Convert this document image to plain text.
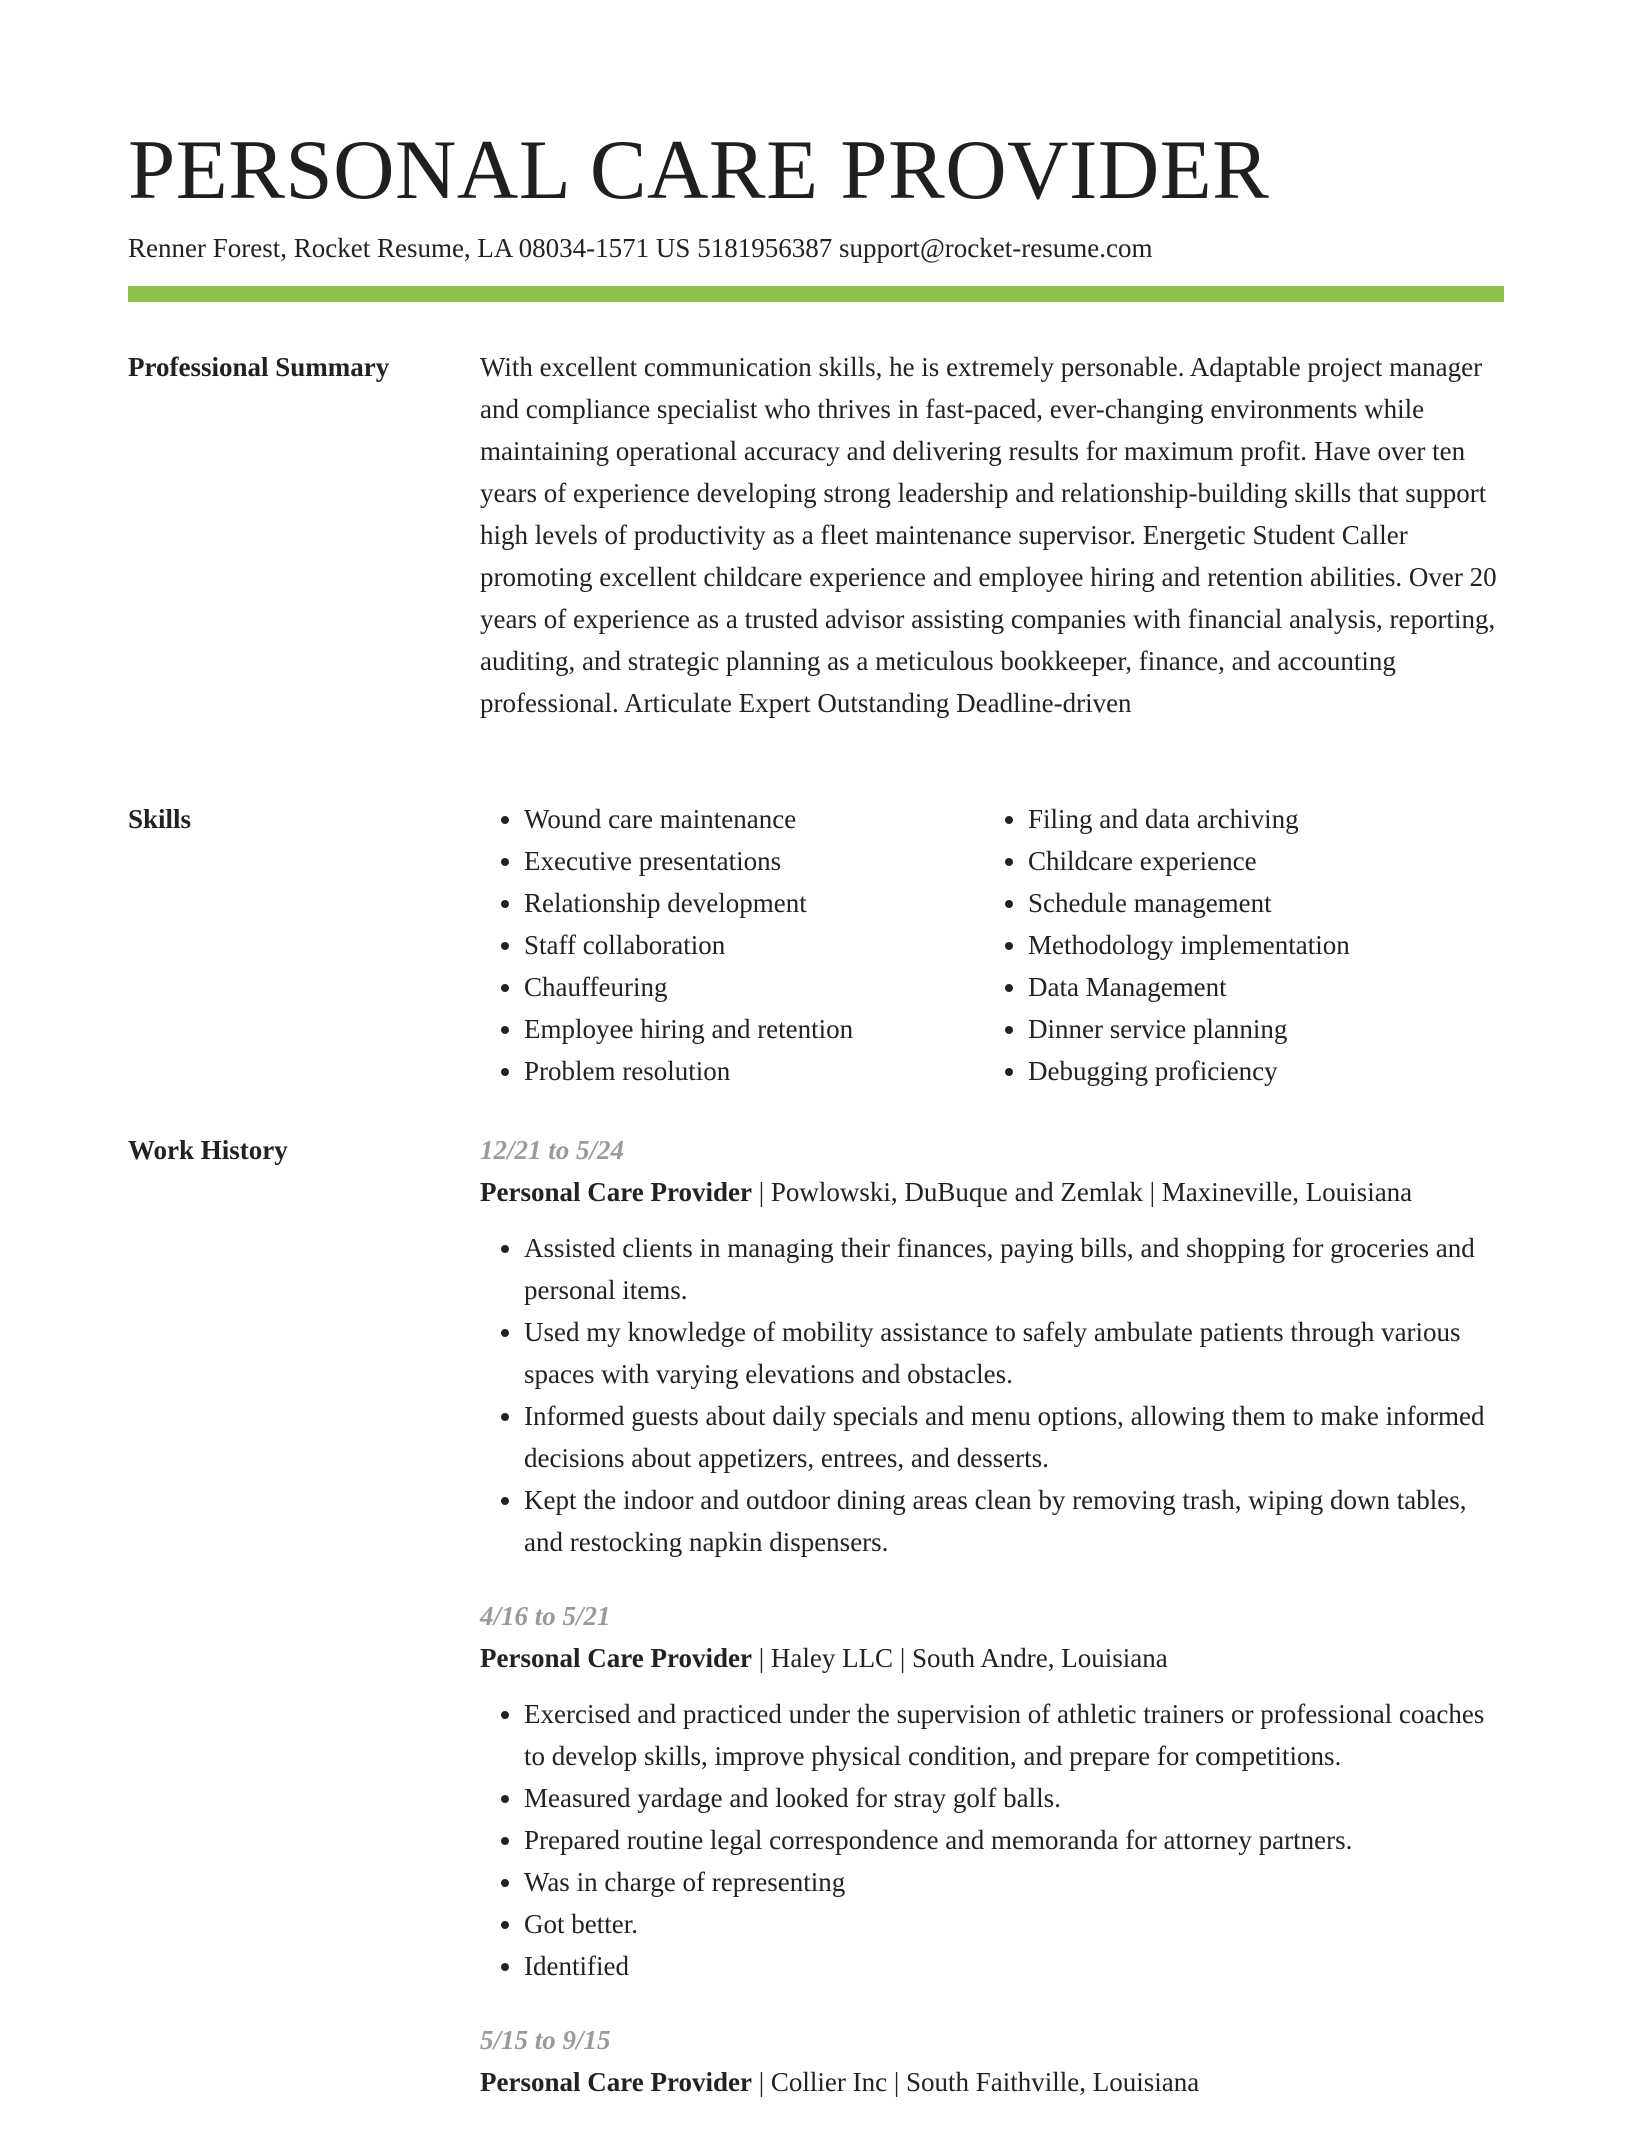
PERSONAL CARE PROVIDER
Renner Forest, Rocket Resume, LA 08034-1571 US 5181956387 support@rocket-resume.com
Professional Summary	With excellent communication skills, he is extremely personable. Adaptable project manager and compliance specialist who thrives in fast-paced, ever-changing environments while maintaining operational accuracy and delivering results for maximum profit. Have over ten years of experience developing strong leadership and relationship-building skills that support high levels of productivity as a fleet maintenance supervisor. Energetic Student Caller promoting excellent childcare experience and employee hiring and retention abilities. Over 20 years of experience as a trusted advisor assisting companies with financial analysis, reporting, auditing, and strategic planning as a meticulous bookkeeper, finance, and accounting professional. Articulate Expert Outstanding Deadline-driven

Skills
•	Wound care maintenance
• Executive presentations
• Relationship development
• Staff collaboration
• Chauffeuring
• Employee hiring and retention
• Problem resolution
• Filing and data archiving
• Childcare experience
• Schedule management
• Methodology implementation
• Data Management
• Dinner service planning
• Debugging proficiency
Work History	12/21 to 5/24
Personal Care Provider | Powlowski, DuBuque and Zemlak | Maxineville, Louisiana
• Assisted clients in managing their finances, paying bills, and shopping for groceries and personal items.
• Used my knowledge of mobility assistance to safely ambulate patients through various spaces with varying elevations and obstacles.
• Informed guests about daily specials and menu options, allowing them to make informed decisions about appetizers, entrees, and desserts.
• Kept the indoor and outdoor dining areas clean by removing trash, wiping down tables, and restocking napkin dispensers.
4/16 to 5/21
Personal Care Provider | Haley LLC | South Andre, Louisiana
• Exercised and practiced under the supervision of athletic trainers or professional coaches to develop skills, improve physical condition, and prepare for competitions.
• Measured yardage and looked for stray golf balls.
• Prepared routine legal correspondence and memoranda for attorney partners.
• Was in charge of representing
• Got better.
• Identified
5/15 to 9/15
Personal Care Provider | Collier Inc | South Faithville, Louisiana
